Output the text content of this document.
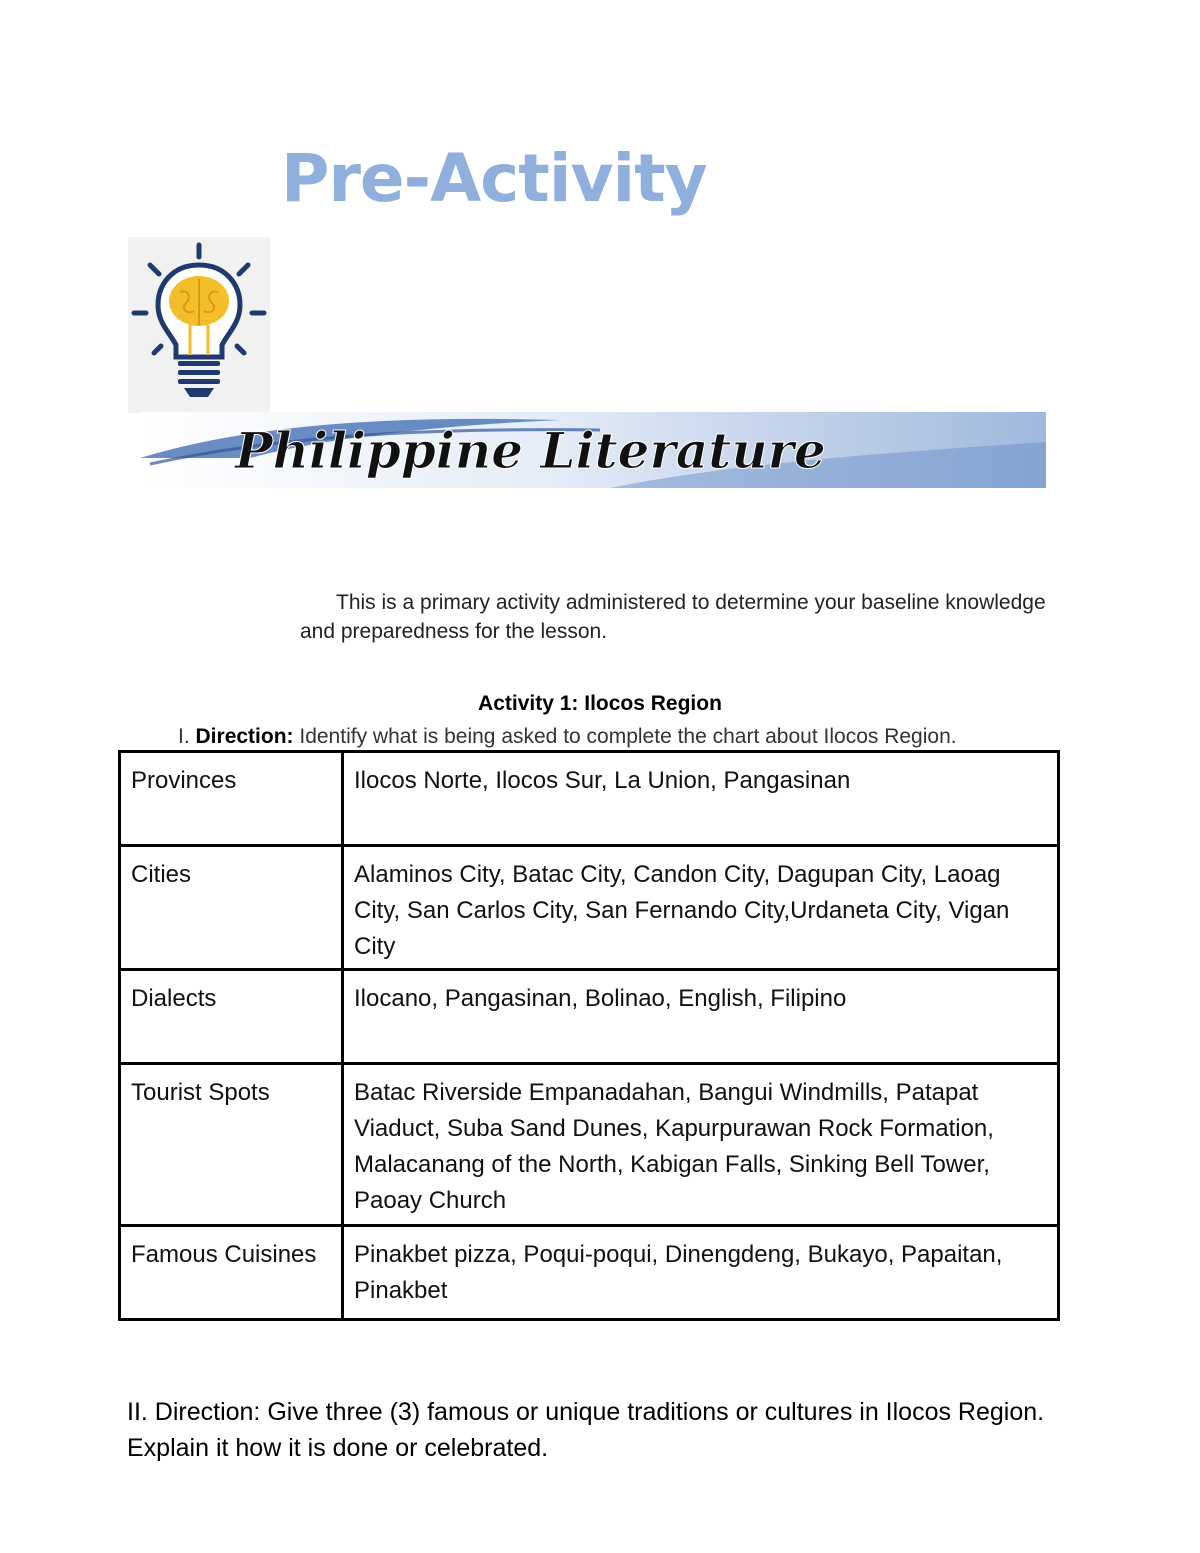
Pre-Activity
Philippine Literature
This is a primary activity administered to determine your baseline knowledge and preparedness for the lesson.
Activity 1: Ilocos Region
I. Direction: Identify what is being asked to complete the chart about Ilocos Region.
Provinces	Ilocos Norte, Ilocos Sur, La Union, Pangasinan
Cities	Alaminos City, Batac City, Candon City, Dagupan City, Laoag City, San Carlos City, San Fernando City,Urdaneta City, Vigan City
Dialects	Ilocano, Pangasinan, Bolinao, English, Filipino
Tourist Spots	Batac Riverside Empanadahan, Bangui Windmills, Patapat Viaduct, Suba Sand Dunes, Kapurpurawan Rock Formation, Malacanang of the North, Kabigan Falls, Sinking Bell Tower, Paoay Church
Famous Cuisines	Pinakbet pizza, Poqui-poqui, Dinengdeng, Bukayo, Papaitan, Pinakbet
II. Direction: Give three (3) famous or unique traditions or cultures in Ilocos Region. Explain it how it is done or celebrated.
